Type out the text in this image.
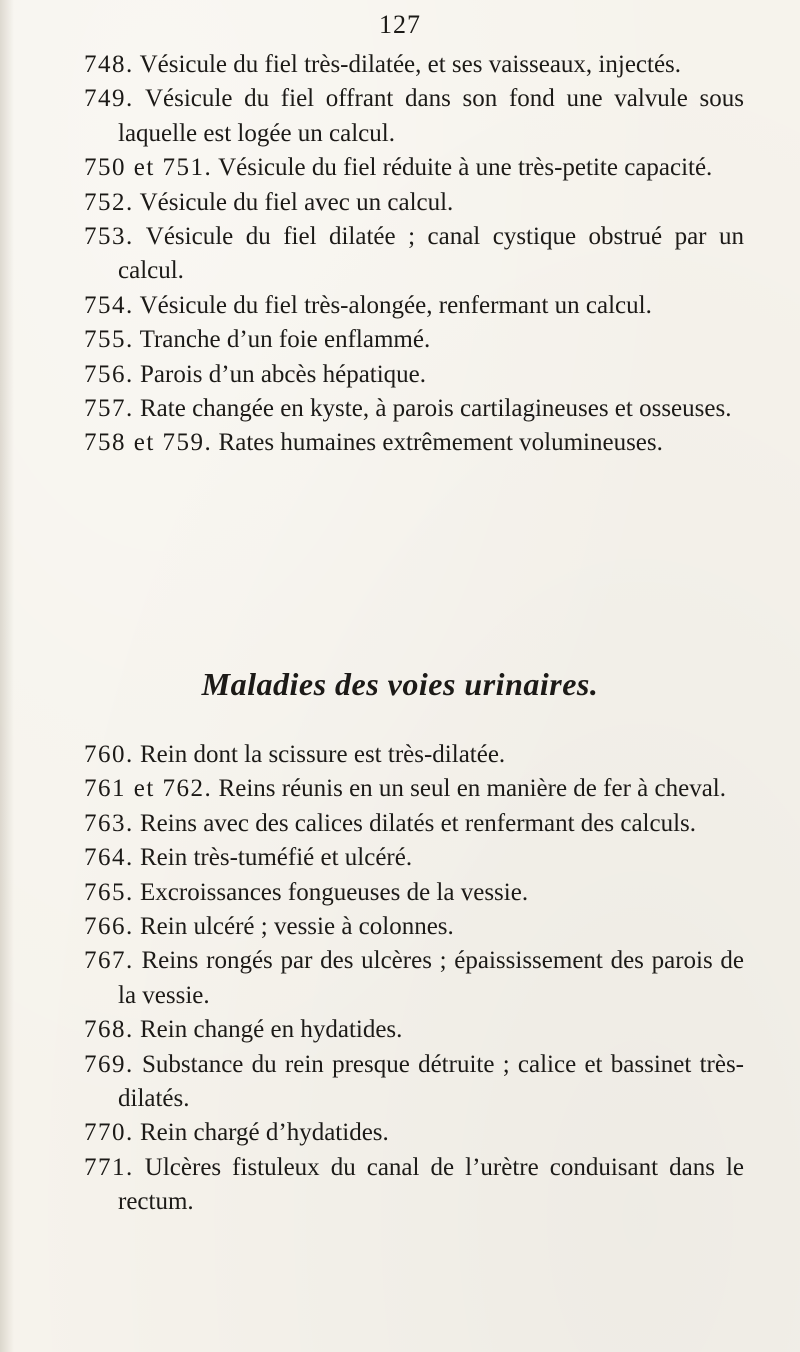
127

748. Vésicule du fiel très-dilatée, et ses vaisseaux, injectés.

749. Vésicule du fiel offrant dans son fond une valvule sous laquelle est logée un calcul.

750 et 751. Vésicule du fiel réduite à une très-petite capacité.

752. Vésicule du fiel avec un calcul.

753. Vésicule du fiel dilatée ; canal cystique obstrué par un calcul.

754. Vésicule du fiel très-alongée, renfermant un calcul.

755. Tranche d’un foie enflammé.

756. Parois d’un abcès hépatique.

757. Rate changée en kyste, à parois cartilagineuses et osseuses.

758 et 759. Rates humaines extrêmement volumineuses.

Maladies des voies urinaires.

760. Rein dont la scissure est très-dilatée.

761 et 762. Reins réunis en un seul en manière de fer à cheval.

763. Reins avec des calices dilatés et renfermant des calculs.

764. Rein très-tuméfié et ulcéré.

765. Excroissances fongueuses de la vessie.

766. Rein ulcéré ; vessie à colonnes.

767. Reins rongés par des ulcères ; épaississement des parois de la vessie.

768. Rein changé en hydatides.

769. Substance du rein presque détruite ; calice et bassinet très-dilatés.

770. Rein chargé d’hydatides.

771. Ulcères fistuleux du canal de l’urètre conduisant dans le rectum.
